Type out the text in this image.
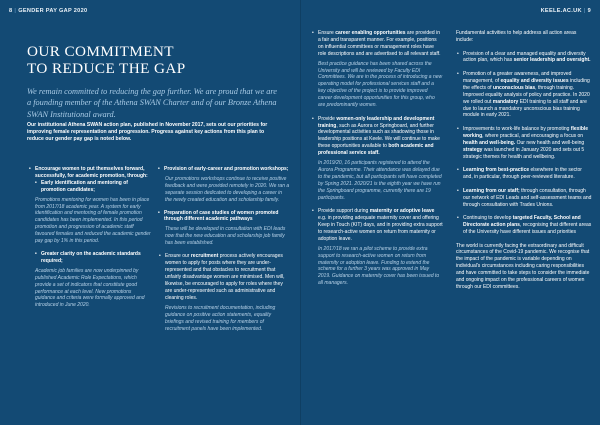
8 | GENDER PAY GAP 2020
OUR COMMITMENT
TO REDUCE THE GAP
We remain committed to reducing the gap further. We are proud that we are a founding member of the Athena SWAN Charter and of our Bronze Athena SWAN Institutional award.
Our institutional Athena SWAN action plan, published in November 2017, sets out our priorities for improving female representation and progression. Progress against key actions from this plan to reduce our gender pay gap is noted below.
• Encourage women to put themselves forward, successfully, for academic promotion, through:
• Early identification and mentoring of promotion candidates;
Promotions mentoring for women has been in place from 2017/18 academic year. A system for early identification and mentoring of female promotion candidates has been implemented. In this period promotion and progression of academic staff favoured females and reduced the academic gender pay gap by 1% in this period.
• Greater clarity on the academic standards required;
Academic job families are now underpinned by published Academic Role Expectations, which provide a set of indicators that constitute good performance at each level. New promotions guidance and criteria were formally approved and introduced in June 2020.
• Provision of early-career and promotion workshops;
Our promotions workshops continue to receive positive feedback and were provided remotely in 2020. We ran a separate session dedicated to developing a career in the newly created education and scholarship family.
• Preparation of case studies of women promoted through different academic pathways
These will be developed in consultation with EDI leads now that the new education and scholarship job family has been established.
• Ensure our recruitment process actively encourages women to apply for posts where they are under-represented and that obstacles to recruitment that unfairly disadvantage women are minimised. Men will, likewise, be encouraged to apply for roles where they are under-represented such as administrative and cleaning roles.
Revisions to recruitment documentation, including guidance on positive action statements, equality briefings and revised training for members of recruitment panels have been implemented.
KEELE.AC.UK | 9
• Ensure career enabling opportunities are provided in a fair and transparent manner. For example, positions on influential committees or management roles have role descriptions and are advertised to all relevant staff.
Best practice guidance has been shared across the University and will be reviewed by Faculty EDI Committees. We are in the process of introducing a new operating model for professional services staff and a key objective of the project is to provide improved career development opportunities for this group, who are predominantly women.
• Provide women-only leadership and development training, such as Aurora or Springboard, and further developmental activities such as shadowing those in leadership positions at Keele. We will continue to make these opportunities available to both academic and professional service staff.
In 2019/20, 16 participants registered to attend the Aurora Programme. Their attendance was delayed due to the pandemic, but all participants will have completed by Spring 2021. 2020/21 is the eighth year we have run the Springboard programme, currently there are 19 participants.
• Provide support during maternity or adoptive leave e.g. in providing adequate maternity cover and offering Keep in Touch (KIT) days, and in providing extra support to research-active women on return from maternity or adoption leave.
In 2017/18 we ran a pilot scheme to provide extra support to research-active women on return from maternity or adoption leave. Funding to extend the scheme for a further 3 years was approved in May 2019. Guidance on maternity cover has been issued to all managers.
Fundamental activities to help address all action areas include:
• Provision of a clear and managed equality and diversity action plan, which has senior leadership and oversight.
• Promotion of a greater awareness, and improved management, of equality and diversity issues including the effects of unconscious bias, through training. Improved equality analysis of policy and practice. In 2020 we rolled out mandatory EDI training to all staff and are due to launch a mandatory unconscious bias training module in early 2021.
• Improvements to work-life balance by promoting flexible working, where practical, and encouraging a focus on health and well-being. Our new health and well-being strategy was launched in January 2020 and sets out 5 strategic themes for health and wellbeing.
• Learning from best-practice elsewhere in the sector and, in particular, through peer-reviewed literature.
• Learning from our staff; through consultation, through our network of EDI Leads and self-assessment teams and through consultation with Trades Unions.
• Continuing to develop targeted Faculty, School and Directorate action plans, recognising that different areas of the University have different issues and priorities
The world is currently facing the extraordinary and difficult circumstances of the Covid-19 pandemic. We recognise that the impact of the pandemic is variable depending on individual's circumstances including caring responsibilities and have committed to take steps to consider the immediate and ongoing impact on the professional careers of women through our EDI committees.
